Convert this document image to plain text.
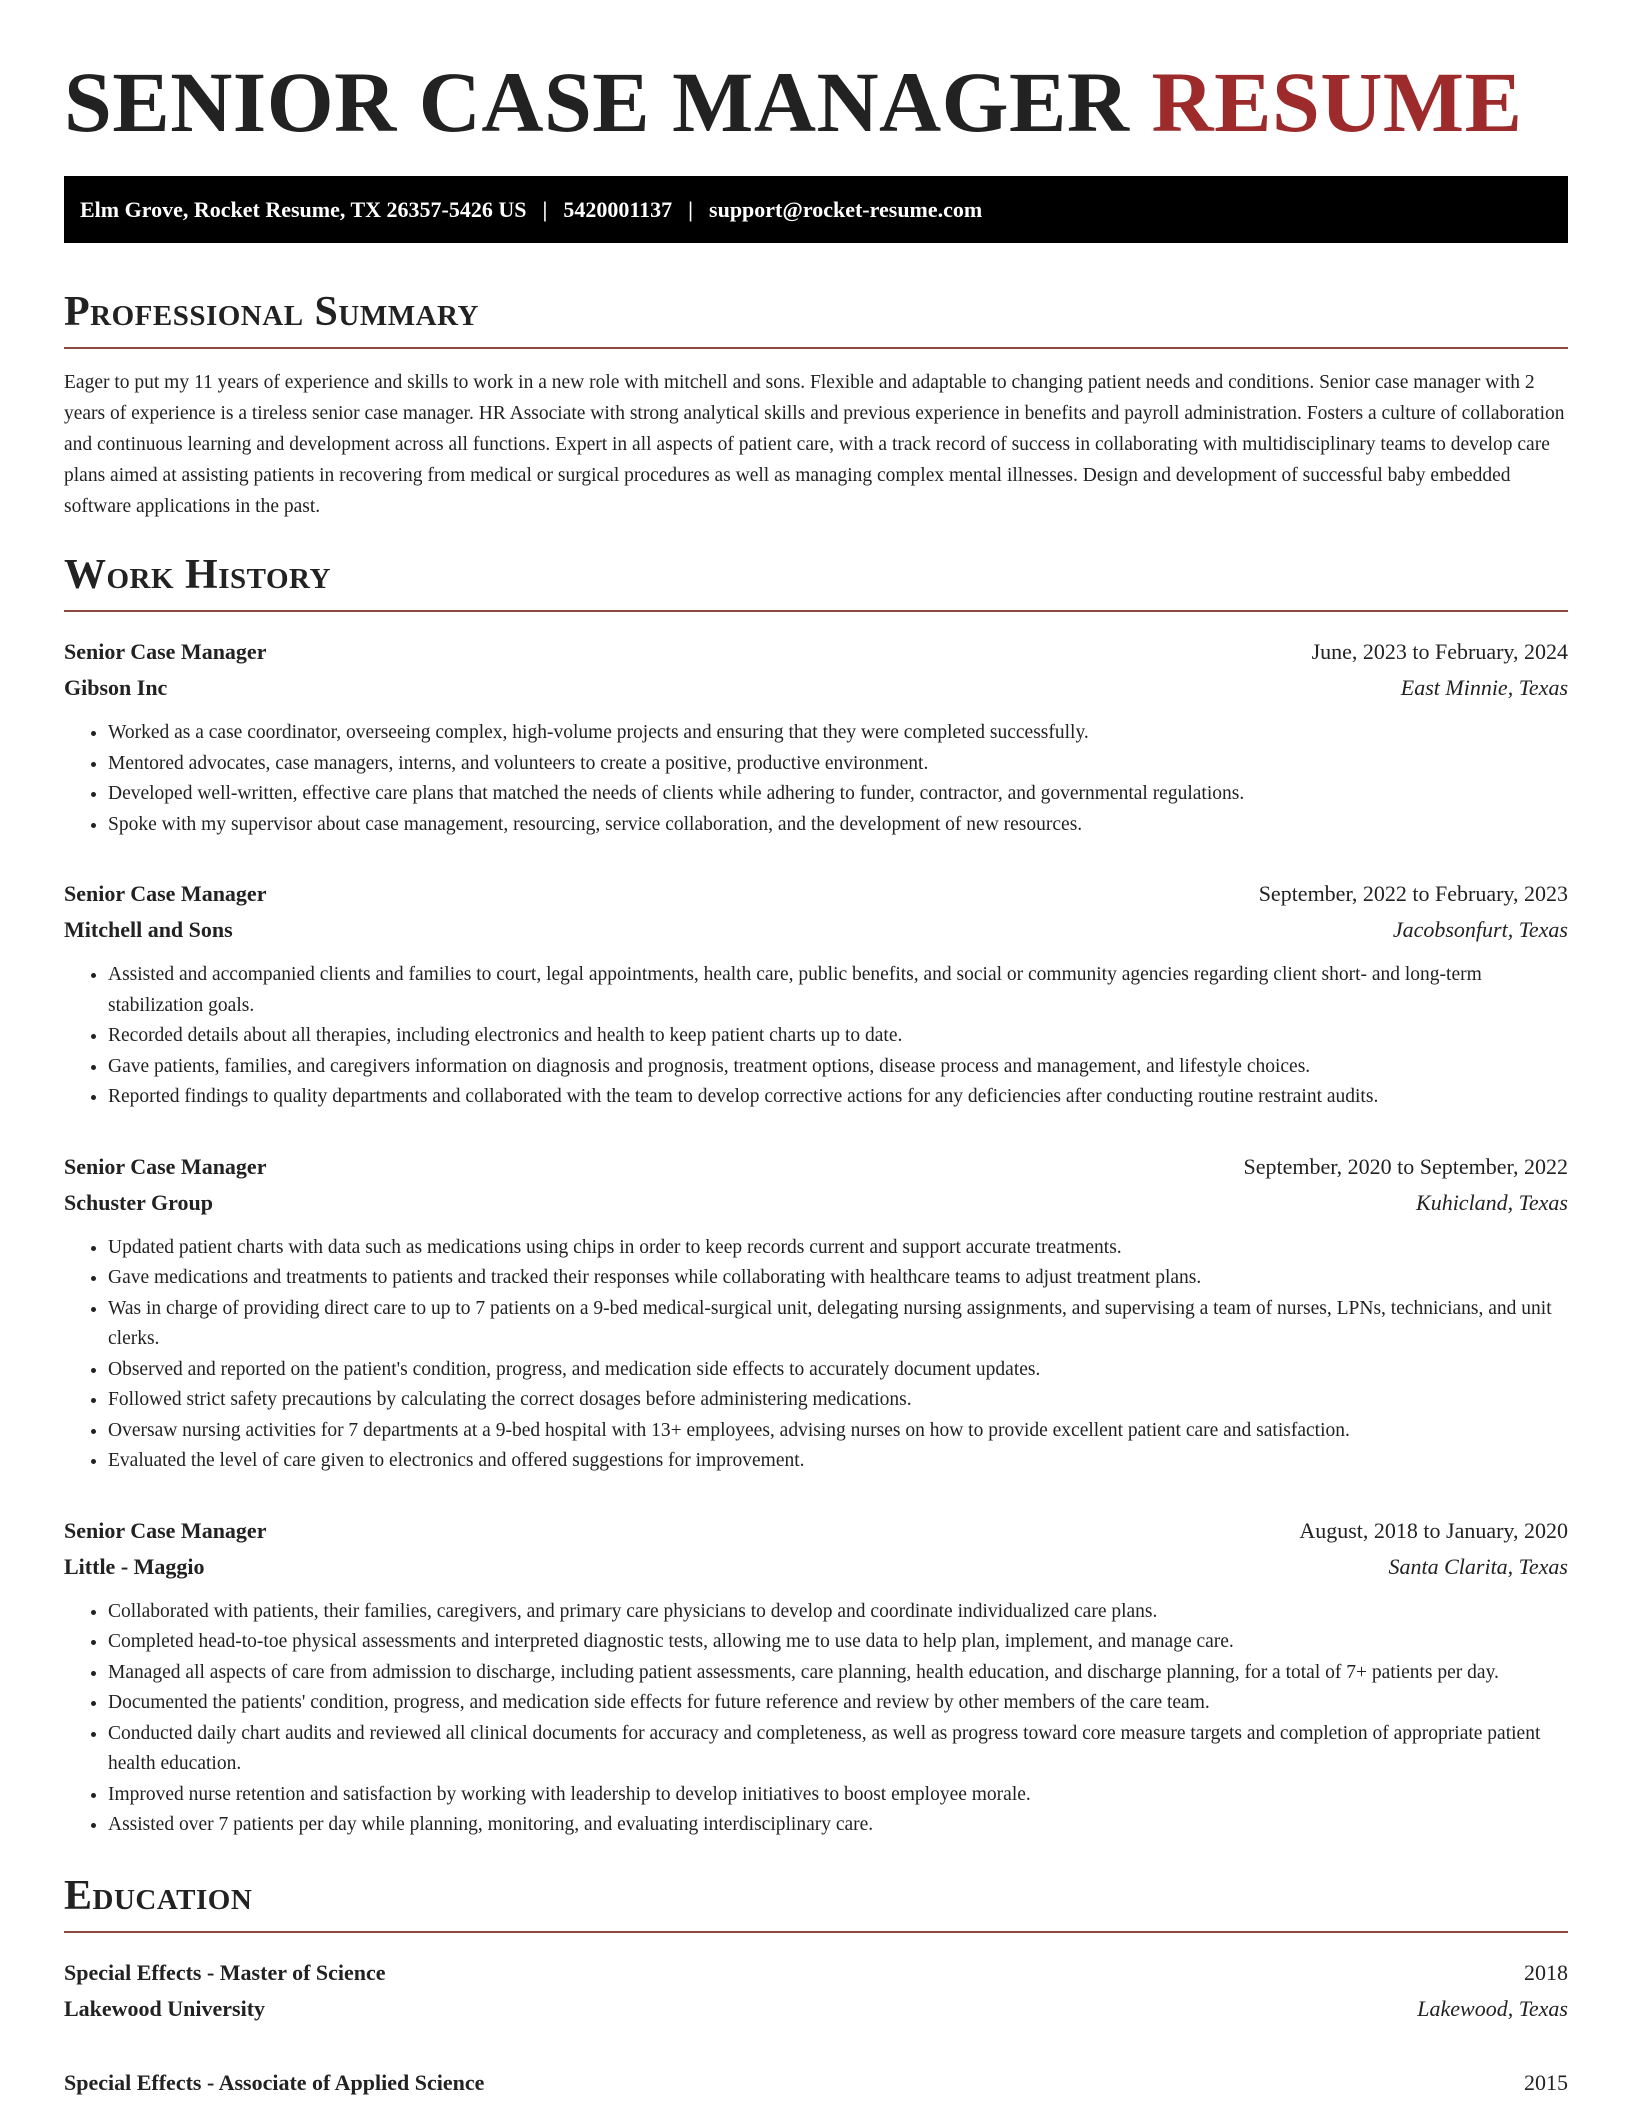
SENIOR CASE MANAGER RESUME
Elm Grove, Rocket Resume, TX 26357-5426 US | 5420001137 | support@rocket-resume.com
Professional Summary

Eager to put my 11 years of experience and skills to work in a new role with mitchell and sons. Flexible and adaptable to changing patient needs and conditions. Senior case manager with 2 years of experience is a tireless senior case manager. HR Associate with strong analytical skills and previous experience in benefits and payroll administration. Fosters a culture of collaboration and continuous learning and development across all functions. Expert in all aspects of patient care, with a track record of success in collaborating with multidisciplinary teams to develop care plans aimed at assisting patients in recovering from medical or surgical procedures as well as managing complex mental illnesses. Design and development of successful baby embedded software applications in the past.

Work History
Senior Case Manager	June, 2023 to February, 2024
Gibson Inc	East Minnie, Texas
• Worked as a case coordinator, overseeing complex, high-volume projects and ensuring that they were completed successfully.
• Mentored advocates, case managers, interns, and volunteers to create a positive, productive environment.
• Developed well-written, effective care plans that matched the needs of clients while adhering to funder, contractor, and governmental regulations.
• Spoke with my supervisor about case management, resourcing, service collaboration, and the development of new resources.
Senior Case Manager	September, 2022 to February, 2023
Mitchell and Sons	Jacobsonfurt, Texas
• Assisted and accompanied clients and families to court, legal appointments, health care, public benefits, and social or community agencies regarding client short- and long-term stabilization goals.
• Recorded details about all therapies, including electronics and health to keep patient charts up to date.
• Gave patients, families, and caregivers information on diagnosis and prognosis, treatment options, disease process and management, and lifestyle choices.
• Reported findings to quality departments and collaborated with the team to develop corrective actions for any deficiencies after conducting routine restraint audits.
Senior Case Manager	September, 2020 to September, 2022
Schuster Group	Kuhicland, Texas
• Updated patient charts with data such as medications using chips in order to keep records current and support accurate treatments.
• Gave medications and treatments to patients and tracked their responses while collaborating with healthcare teams to adjust treatment plans.
• Was in charge of providing direct care to up to 7 patients on a 9-bed medical-surgical unit, delegating nursing assignments, and supervising a team of nurses, LPNs, technicians, and unit clerks.
• Observed and reported on the patient's condition, progress, and medication side effects to accurately document updates.
• Followed strict safety precautions by calculating the correct dosages before administering medications.
• Oversaw nursing activities for 7 departments at a 9-bed hospital with 13+ employees, advising nurses on how to provide excellent patient care and satisfaction.
• Evaluated the level of care given to electronics and offered suggestions for improvement.
Senior Case Manager	August, 2018 to January, 2020
Little - Maggio	Santa Clarita, Texas
• Collaborated with patients, their families, caregivers, and primary care physicians to develop and coordinate individualized care plans.
• Completed head-to-toe physical assessments and interpreted diagnostic tests, allowing me to use data to help plan, implement, and manage care.
• Managed all aspects of care from admission to discharge, including patient assessments, care planning, health education, and discharge planning, for a total of 7+ patients per day.
• Documented the patients' condition, progress, and medication side effects for future reference and review by other members of the care team.
• Conducted daily chart audits and reviewed all clinical documents for accuracy and completeness, as well as progress toward core measure targets and completion of appropriate patient health education.
• Improved nurse retention and satisfaction by working with leadership to develop initiatives to boost employee morale.
• Assisted over 7 patients per day while planning, monitoring, and evaluating interdisciplinary care.
Education
Special Effects - Master of Science	2018
Lakewood University	Lakewood, Texas
Special Effects - Associate of Applied Science	2015
